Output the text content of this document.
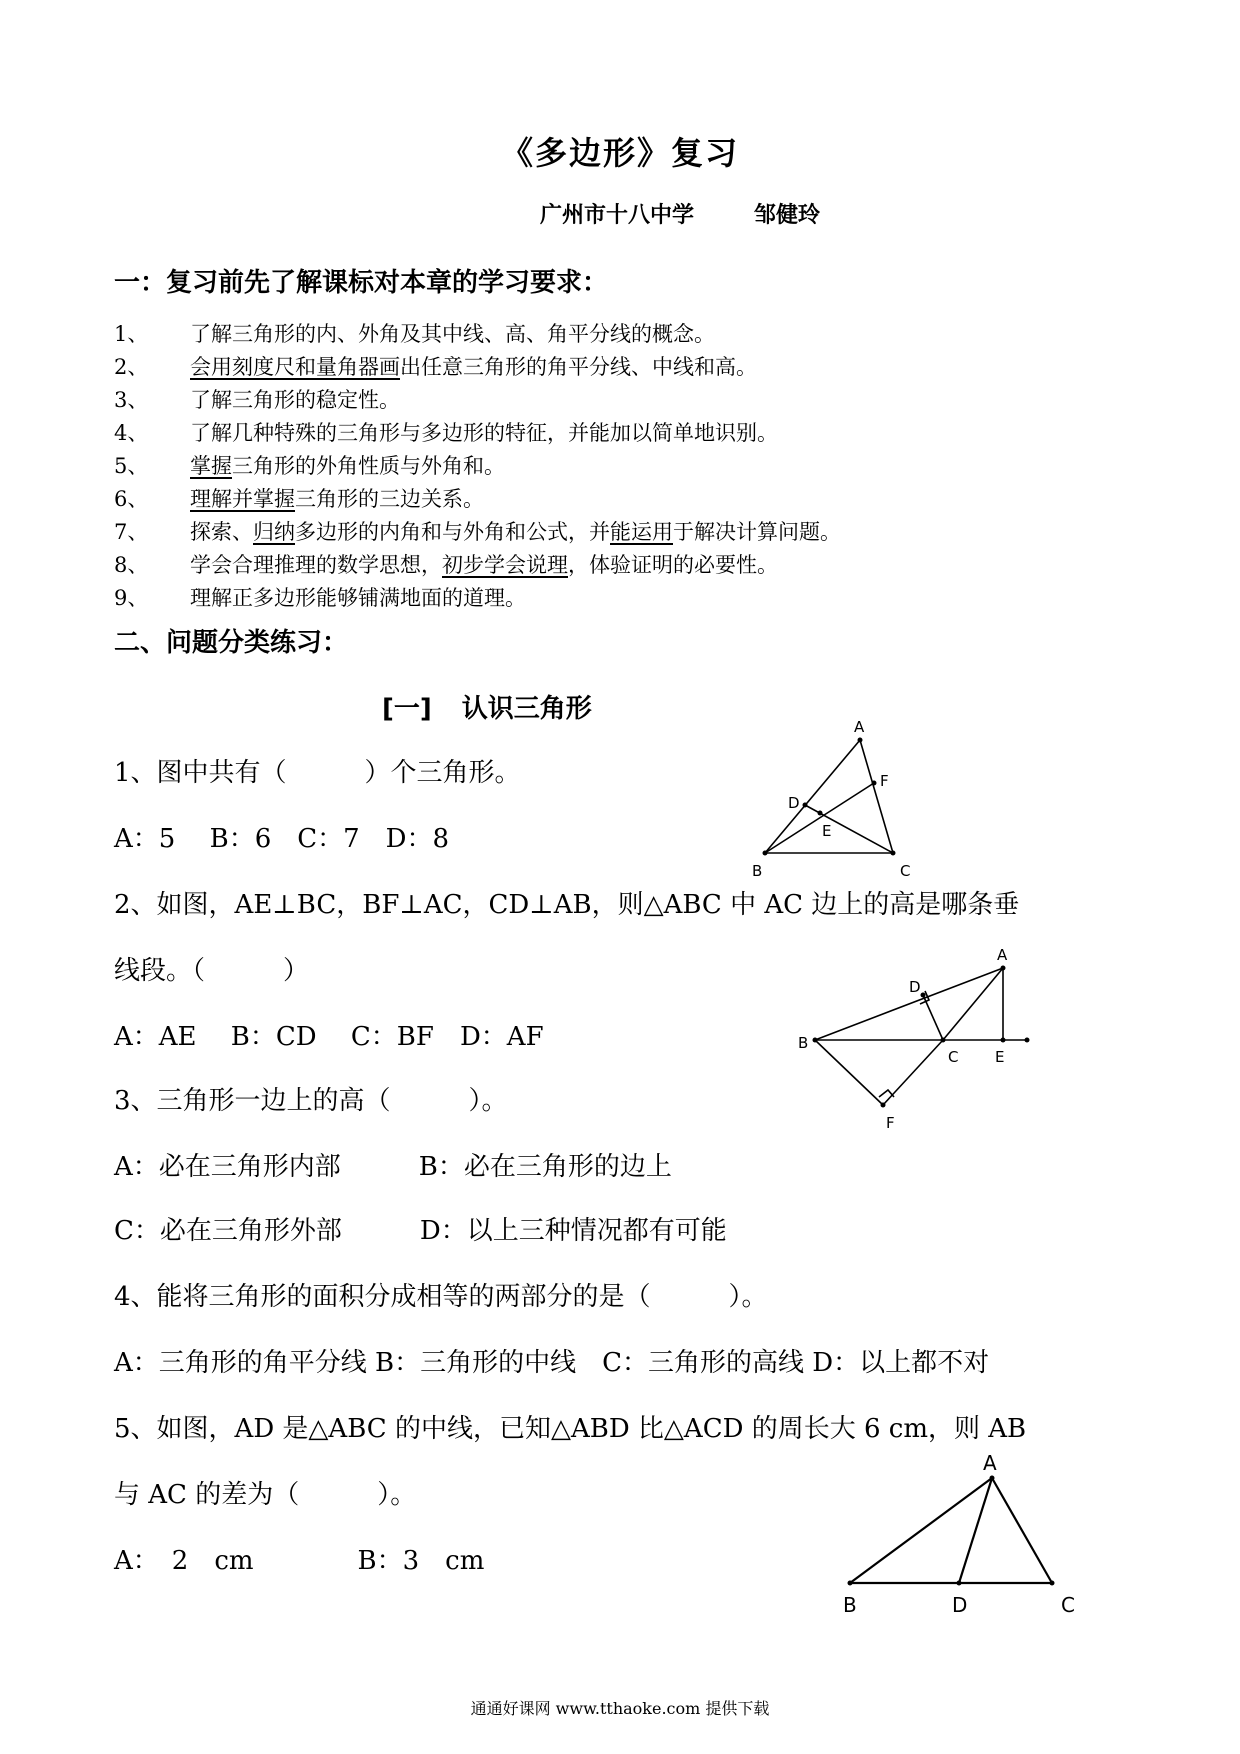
《多边形》复习
广州市十八中学	邹健玲
一：复习前先了解课标对本章的学习要求：
1、 了解三角形的内、外角及其中线、高、角平分线的概念。
2、 会用刻度尺和量角器画出任意三角形的角平分线、中线和高。
3、 了解三角形的稳定性。
4、 了解几种特殊的三角形与多边形的特征，并能加以简单地识别。
5、 掌握三角形的外角性质与外角和。
6、 理解并掌握三角形的三边关系。
7、 探索、归纳多边形的内角和与外角和公式，并能运用于解决计算问题。
8、 学会合理推理的数学思想，初步学会说理，体验证明的必要性。
9、 理解正多边形能够铺满地面的道理。
二、问题分类练习：
[一] 认识三角形
1、图中共有（　　　）个三角形。
A：5　 B：6　C：7　D：8
2、如图，AE⊥BC，BF⊥AC，CD⊥AB，则△ABC 中 AC 边上的高是哪条垂
线段。（　　　）
A：AE　 B：CD　 C：BF　D：AF
3、三角形一边上的高（　　　）。
A：必在三角形内部　　　B：必在三角形的边上
C：必在三角形外部　　　D：以上三种情况都有可能
4、能将三角形的面积分成相等的两部分的是（　　　）。
A：三角形的角平分线 B：三角形的中线　C：三角形的高线 D：以上都不对
5、如图，AD 是△ABC 的中线，已知△ABD 比△ACD 的周长大 6 cm，则 AB
与 AC 的差为（　　　）。
A：　2　cm　　　　B：3　cm
A
B	C
D
E
F
A
B
C
D
E
F
A
B	C
D
通通好课网 www.tthaoke.com 提供下载
